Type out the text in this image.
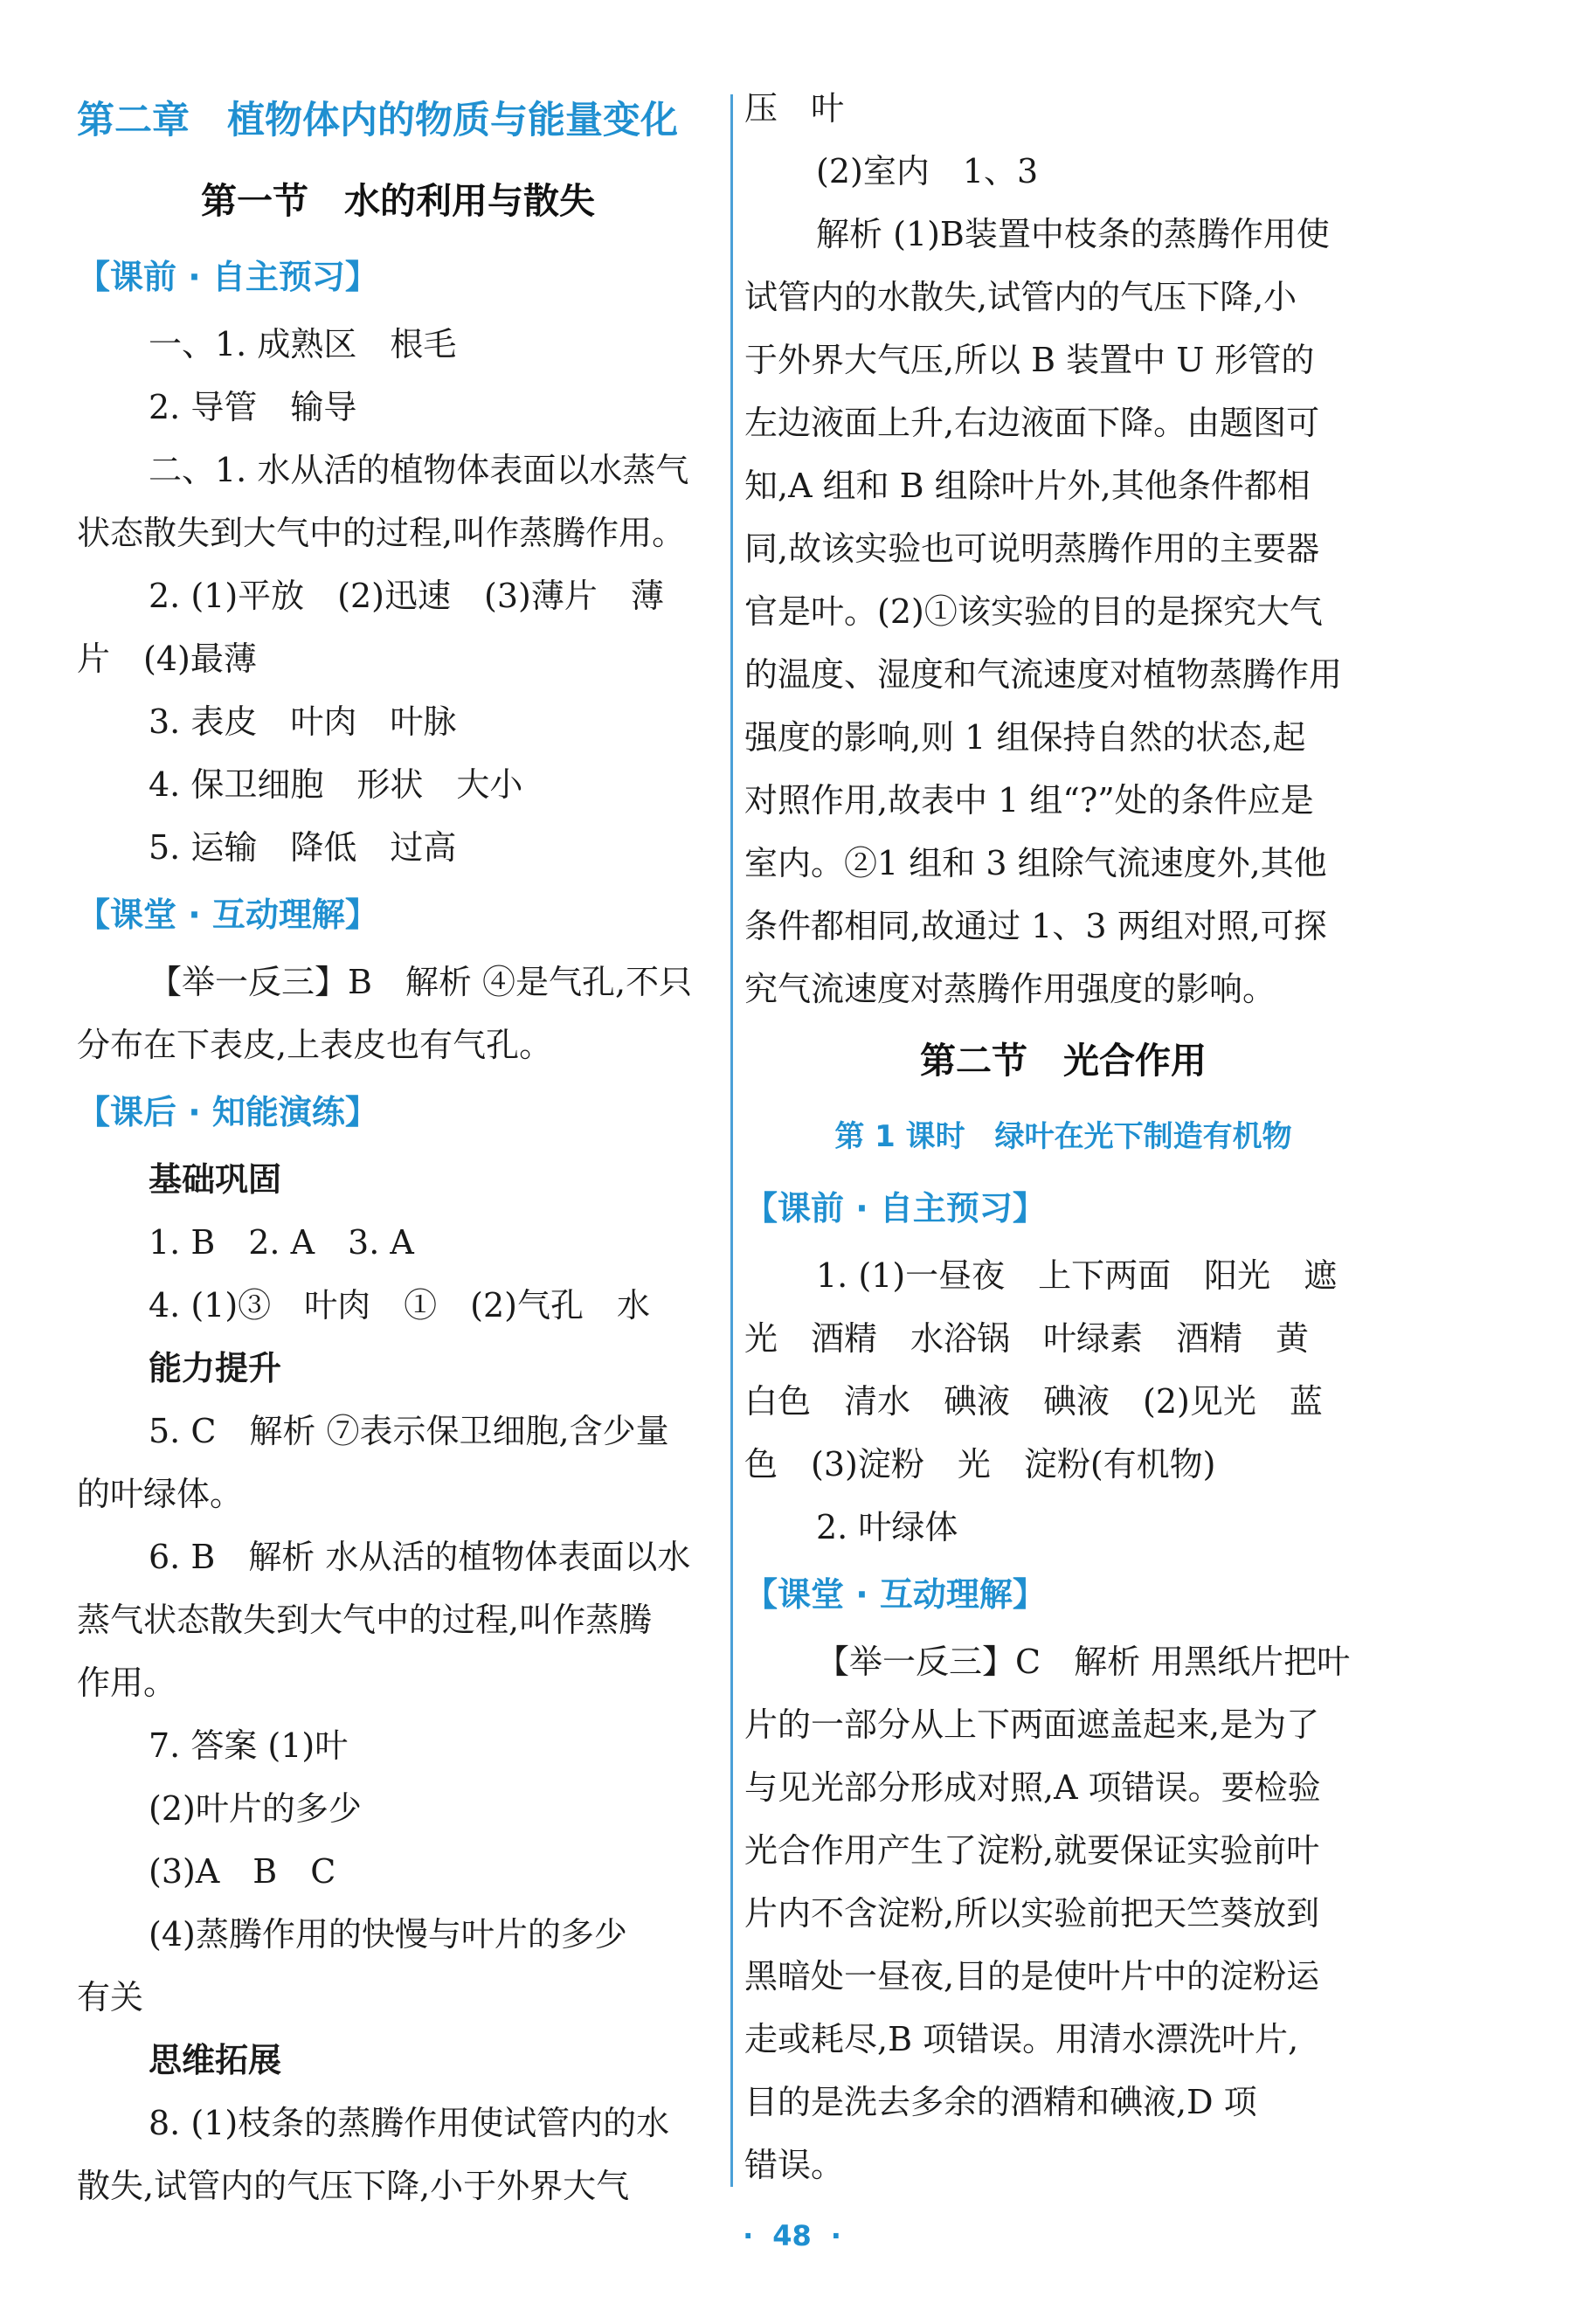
第二章　植物体内的物质与能量变化
第一节　水的利用与散失
【课前 · 自主预习】
一、1. 成熟区　根毛
2. 导管　输导
二、1. 水从活的植物体表面以水蒸气
状态散失到大气中的过程,叫作蒸腾作用。
2. (1)平放　(2)迅速　(3)薄片　薄
片　(4)最薄
3. 表皮　叶肉　叶脉
4. 保卫细胞　形状　大小
5. 运输　降低　过高
【课堂 · 互动理解】
【举一反三】B　解析 ④是气孔,不只
分布在下表皮,上表皮也有气孔。
【课后 · 知能演练】
基础巩固
1. B　2. A　3. A
4. (1)③　叶肉　①　(2)气孔　水
能力提升
5. C　解析 ⑦表示保卫细胞,含少量
的叶绿体。
6. B　解析 水从活的植物体表面以水
蒸气状态散失到大气中的过程,叫作蒸腾
作用。
7. 答案 (1)叶
(2)叶片的多少
(3)A　B　C
(4)蒸腾作用的快慢与叶片的多少
有关
思维拓展
8. (1)枝条的蒸腾作用使试管内的水
散失,试管内的气压下降,小于外界大气
压　叶
(2)室内　1、3
解析 (1)B装置中枝条的蒸腾作用使
试管内的水散失,试管内的气压下降,小
于外界大气压,所以 B 装置中 U 形管的
左边液面上升,右边液面下降。由题图可
知,A 组和 B 组除叶片外,其他条件都相
同,故该实验也可说明蒸腾作用的主要器
官是叶。(2)①该实验的目的是探究大气
的温度、湿度和气流速度对植物蒸腾作用
强度的影响,则 1 组保持自然的状态,起
对照作用,故表中 1 组“?”处的条件应是
室内。②1 组和 3 组除气流速度外,其他
条件都相同,故通过 1、3 两组对照,可探
究气流速度对蒸腾作用强度的影响。
第二节　光合作用
第 1 课时　绿叶在光下制造有机物
【课前 · 自主预习】
1. (1)一昼夜　上下两面　阳光　遮
光　酒精　水浴锅　叶绿素　酒精　黄
白色　清水　碘液　碘液　(2)见光　蓝
色　(3)淀粉　光　淀粉(有机物)
2. 叶绿体
【课堂 · 互动理解】
【举一反三】C　解析 用黑纸片把叶
片的一部分从上下两面遮盖起来,是为了
与见光部分形成对照,A 项错误。要检验
光合作用产生了淀粉,就要保证实验前叶
片内不含淀粉,所以实验前把天竺葵放到
黑暗处一昼夜,目的是使叶片中的淀粉运
走或耗尽,B 项错误。用清水漂洗叶片,
目的是洗去多余的酒精和碘液,D 项
错误。
· 48 ·
